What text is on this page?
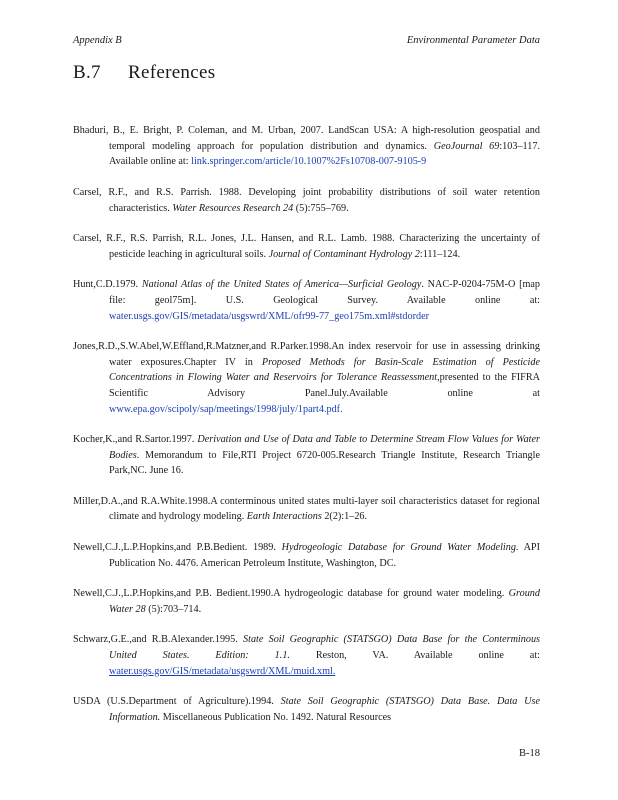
Appendix B	Environmental Parameter Data
B.7 References

Bhaduri, B., E. Bright, P. Coleman, and M. Urban, 2007. LandScan USA: A high-resolution geospatial and temporal modeling approach for population distribution and dynamics. GeoJournal 69:103–117. Available online at: link.springer.com/article/10.1007%2Fs10708-007-9105-9

Carsel, R.F., and R.S. Parrish. 1988. Developing joint probability distributions of soil water retention characteristics. Water Resources Research 24 (5):755–769.

Carsel, R.F., R.S. Parrish, R.L. Jones, J.L. Hansen, and R.L. Lamb. 1988. Characterizing the uncertainty of pesticide leaching in agricultural soils. Journal of Contaminant Hydrology 2:111–124.

Hunt,C.D.1979. National Atlas of the United States of America—Surficial Geology. NAC-P-0204-75M-O [map file: geol75m]. U.S. Geological Survey. Available online at: water.usgs.gov/GIS/metadata/usgswrd/XML/ofr99-77_geo175m.xml#stdorder

Jones,R.D.,S.W.Abel,W.Effland,R.Matzner,and R.Parker.1998.An index reservoir for use in assessing drinking water exposures.Chapter IV in Proposed Methods for Basin-Scale Estimation of Pesticide Concentrations in Flowing Water and Reservoirs for Tolerance Reassessment,presented to the FIFRA Scientific Advisory Panel.July.Available online at www.epa.gov/scipoly/sap/meetings/1998/july/1part4.pdf.

Kocher,K.,and R.Sartor.1997. Derivation and Use of Data and Table to Determine Stream Flow Values for Water Bodies. Memorandum to File,RTI Project 6720-005.Research Triangle Institute, Research Triangle Park,NC. June 16.

Miller,D.A.,and R.A.White.1998.A conterminous united states multi-layer soil characteristics dataset for regional climate and hydrology modeling. Earth Interactions 2(2):1–26.

Newell,C.J.,L.P.Hopkins,and P.B.Bedient. 1989. Hydrogeologic Database for Ground Water Modeling. API Publication No. 4476. American Petroleum Institute, Washington, DC.

Newell,C.J.,L.P.Hopkins,and P.B. Bedient.1990.A hydrogeologic database for ground water modeling. Ground Water 28 (5):703–714.

Schwarz,G.E.,and R.B.Alexander.1995. State Soil Geographic (STATSGO) Data Base for the Conterminous United States. Edition: 1.1. Reston, VA. Available online at: water.usgs.gov/GIS/metadata/usgswrd/XML/muid.xml.

USDA (U.S.Department of Agriculture).1994. State Soil Geographic (STATSGO) Data Base. Data Use Information. Miscellaneous Publication No. 1492. Natural Resources

B-18
